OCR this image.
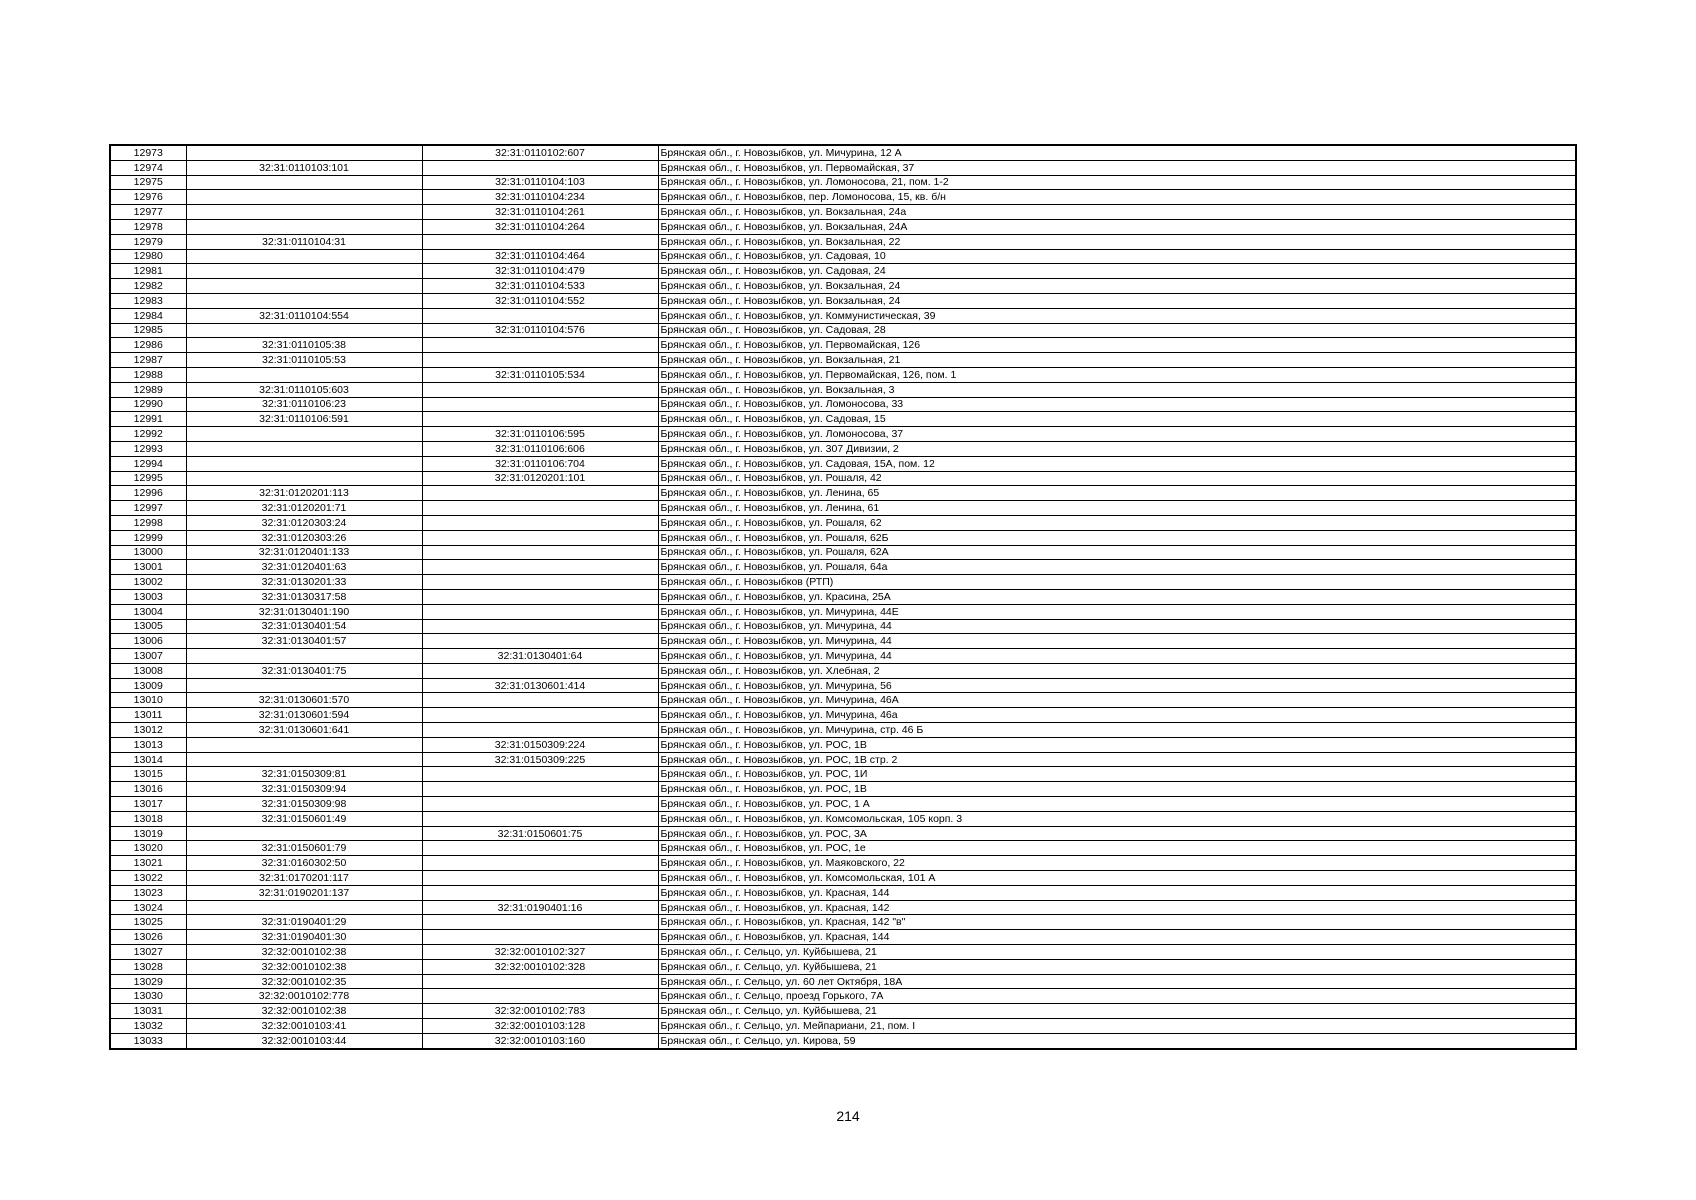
12973		32:31:0110102:607	Брянская обл., г. Новозыбков, ул. Мичурина, 12 А
12974	32:31:0110103:101		Брянская обл., г. Новозыбков, ул. Первомайская, 37
12975		32:31:0110104:103	Брянская обл., г. Новозыбков, ул. Ломоносова, 21, пом. 1-2
12976		32:31:0110104:234	Брянская обл., г. Новозыбков, пер. Ломоносова, 15, кв. б/н
12977		32:31:0110104:261	Брянская обл., г. Новозыбков, ул. Вокзальная, 24а
12978		32:31:0110104:264	Брянская обл., г. Новозыбков, ул. Вокзальная, 24А
12979	32:31:0110104:31		Брянская обл., г. Новозыбков, ул. Вокзальная, 22
12980		32:31:0110104:464	Брянская обл., г. Новозыбков, ул. Садовая, 10
12981		32:31:0110104:479	Брянская обл., г. Новозыбков, ул. Садовая, 24
12982		32:31:0110104:533	Брянская обл., г. Новозыбков, ул. Вокзальная, 24
12983		32:31:0110104:552	Брянская обл., г. Новозыбков, ул. Вокзальная, 24
12984	32:31:0110104:554		Брянская обл., г. Новозыбков, ул. Коммунистическая, 39
12985		32:31:0110104:576	Брянская обл., г. Новозыбков, ул. Садовая, 28
12986	32:31:0110105:38		Брянская обл., г. Новозыбков, ул. Первомайская, 126
12987	32:31:0110105:53		Брянская обл., г. Новозыбков, ул. Вокзальная, 21
12988		32:31:0110105:534	Брянская обл., г. Новозыбков, ул. Первомайская, 126, пом. 1
12989	32:31:0110105:603		Брянская обл., г. Новозыбков, ул. Вокзальная, 3
12990	32:31:0110106:23		Брянская обл., г. Новозыбков, ул. Ломоносова, 33
12991	32:31:0110106:591		Брянская обл., г. Новозыбков, ул. Садовая, 15
12992		32:31:0110106:595	Брянская обл., г. Новозыбков, ул. Ломоносова, 37
12993		32:31:0110106:606	Брянская обл., г. Новозыбков, ул. 307 Дивизии, 2
12994		32:31:0110106:704	Брянская обл., г. Новозыбков, ул. Садовая, 15А, пом. 12
12995		32:31:0120201:101	Брянская обл., г. Новозыбков, ул. Рошаля, 42
12996	32:31:0120201:113		Брянская обл., г. Новозыбков, ул. Ленина, 65
12997	32:31:0120201:71		Брянская обл., г. Новозыбков, ул. Ленина, 61
12998	32:31:0120303:24		Брянская обл., г. Новозыбков, ул. Рошаля, 62
12999	32:31:0120303:26		Брянская обл., г. Новозыбков, ул. Рошаля, 62Б
13000	32:31:0120401:133		Брянская обл., г. Новозыбков, ул. Рошаля, 62А
13001	32:31:0120401:63		Брянская обл., г. Новозыбков, ул. Рошаля, 64а
13002	32:31:0130201:33		Брянская обл., г. Новозыбков (РТП)
13003	32:31:0130317:58		Брянская обл., г. Новозыбков, ул. Красина, 25А
13004	32:31:0130401:190		Брянская обл., г. Новозыбков, ул. Мичурина, 44Е
13005	32:31:0130401:54		Брянская обл., г. Новозыбков, ул. Мичурина, 44
13006	32:31:0130401:57		Брянская обл., г. Новозыбков, ул. Мичурина, 44
13007		32:31:0130401:64	Брянская обл., г. Новозыбков, ул. Мичурина, 44
13008	32:31:0130401:75		Брянская обл., г. Новозыбков, ул. Хлебная, 2
13009		32:31:0130601:414	Брянская обл., г. Новозыбков, ул. Мичурина, 56
13010	32:31:0130601:570		Брянская обл., г. Новозыбков, ул. Мичурина, 46А
13011	32:31:0130601:594		Брянская обл., г. Новозыбков, ул. Мичурина, 46а
13012	32:31:0130601:641		Брянская обл., г. Новозыбков, ул. Мичурина, стр. 46 Б
13013		32:31:0150309:224	Брянская обл., г. Новозыбков, ул. РОС, 1В
13014		32:31:0150309:225	Брянская обл., г. Новозыбков, ул. РОС, 1В стр. 2
13015	32:31:0150309:81		Брянская обл., г. Новозыбков, ул. РОС, 1И
13016	32:31:0150309:94		Брянская обл., г. Новозыбков, ул. РОС, 1В
13017	32:31:0150309:98		Брянская обл., г. Новозыбков, ул. РОС, 1 А
13018	32:31:0150601:49		Брянская обл., г. Новозыбков, ул. Комсомольская, 105 корп. 3
13019		32:31:0150601:75	Брянская обл., г. Новозыбков, ул. РОС, 3А
13020	32:31:0150601:79		Брянская обл., г. Новозыбков, ул. РОС, 1е
13021	32:31:0160302:50		Брянская обл., г. Новозыбков, ул. Маяковского, 22
13022	32:31:0170201:117		Брянская обл., г. Новозыбков, ул. Комсомольская, 101 А
13023	32:31:0190201:137		Брянская обл., г. Новозыбков, ул. Красная, 144
13024		32:31:0190401:16	Брянская обл., г. Новозыбков, ул. Красная, 142
13025	32:31:0190401:29		Брянская обл., г. Новозыбков, ул. Красная, 142 "в"
13026	32:31:0190401:30		Брянская обл., г. Новозыбков, ул. Красная, 144
13027	32:32:0010102:38	32:32:0010102:327	Брянская обл., г. Сельцо, ул. Куйбышева, 21
13028	32:32:0010102:38	32:32:0010102:328	Брянская обл., г. Сельцо, ул. Куйбышева, 21
13029	32:32:0010102:35		Брянская обл., г. Сельцо, ул. 60 лет Октября, 18А
13030	32:32:0010102:778		Брянская обл., г. Сельцо, проезд Горького, 7А
13031	32:32:0010102:38	32:32:0010102:783	Брянская обл., г. Сельцо, ул. Куйбышева, 21
13032	32:32:0010103:41	32:32:0010103:128	Брянская обл., г. Сельцо, ул. Мейпариани, 21, пом. I
13033	32:32:0010103:44	32:32:0010103:160	Брянская обл., г. Сельцо, ул. Кирова, 59
214
